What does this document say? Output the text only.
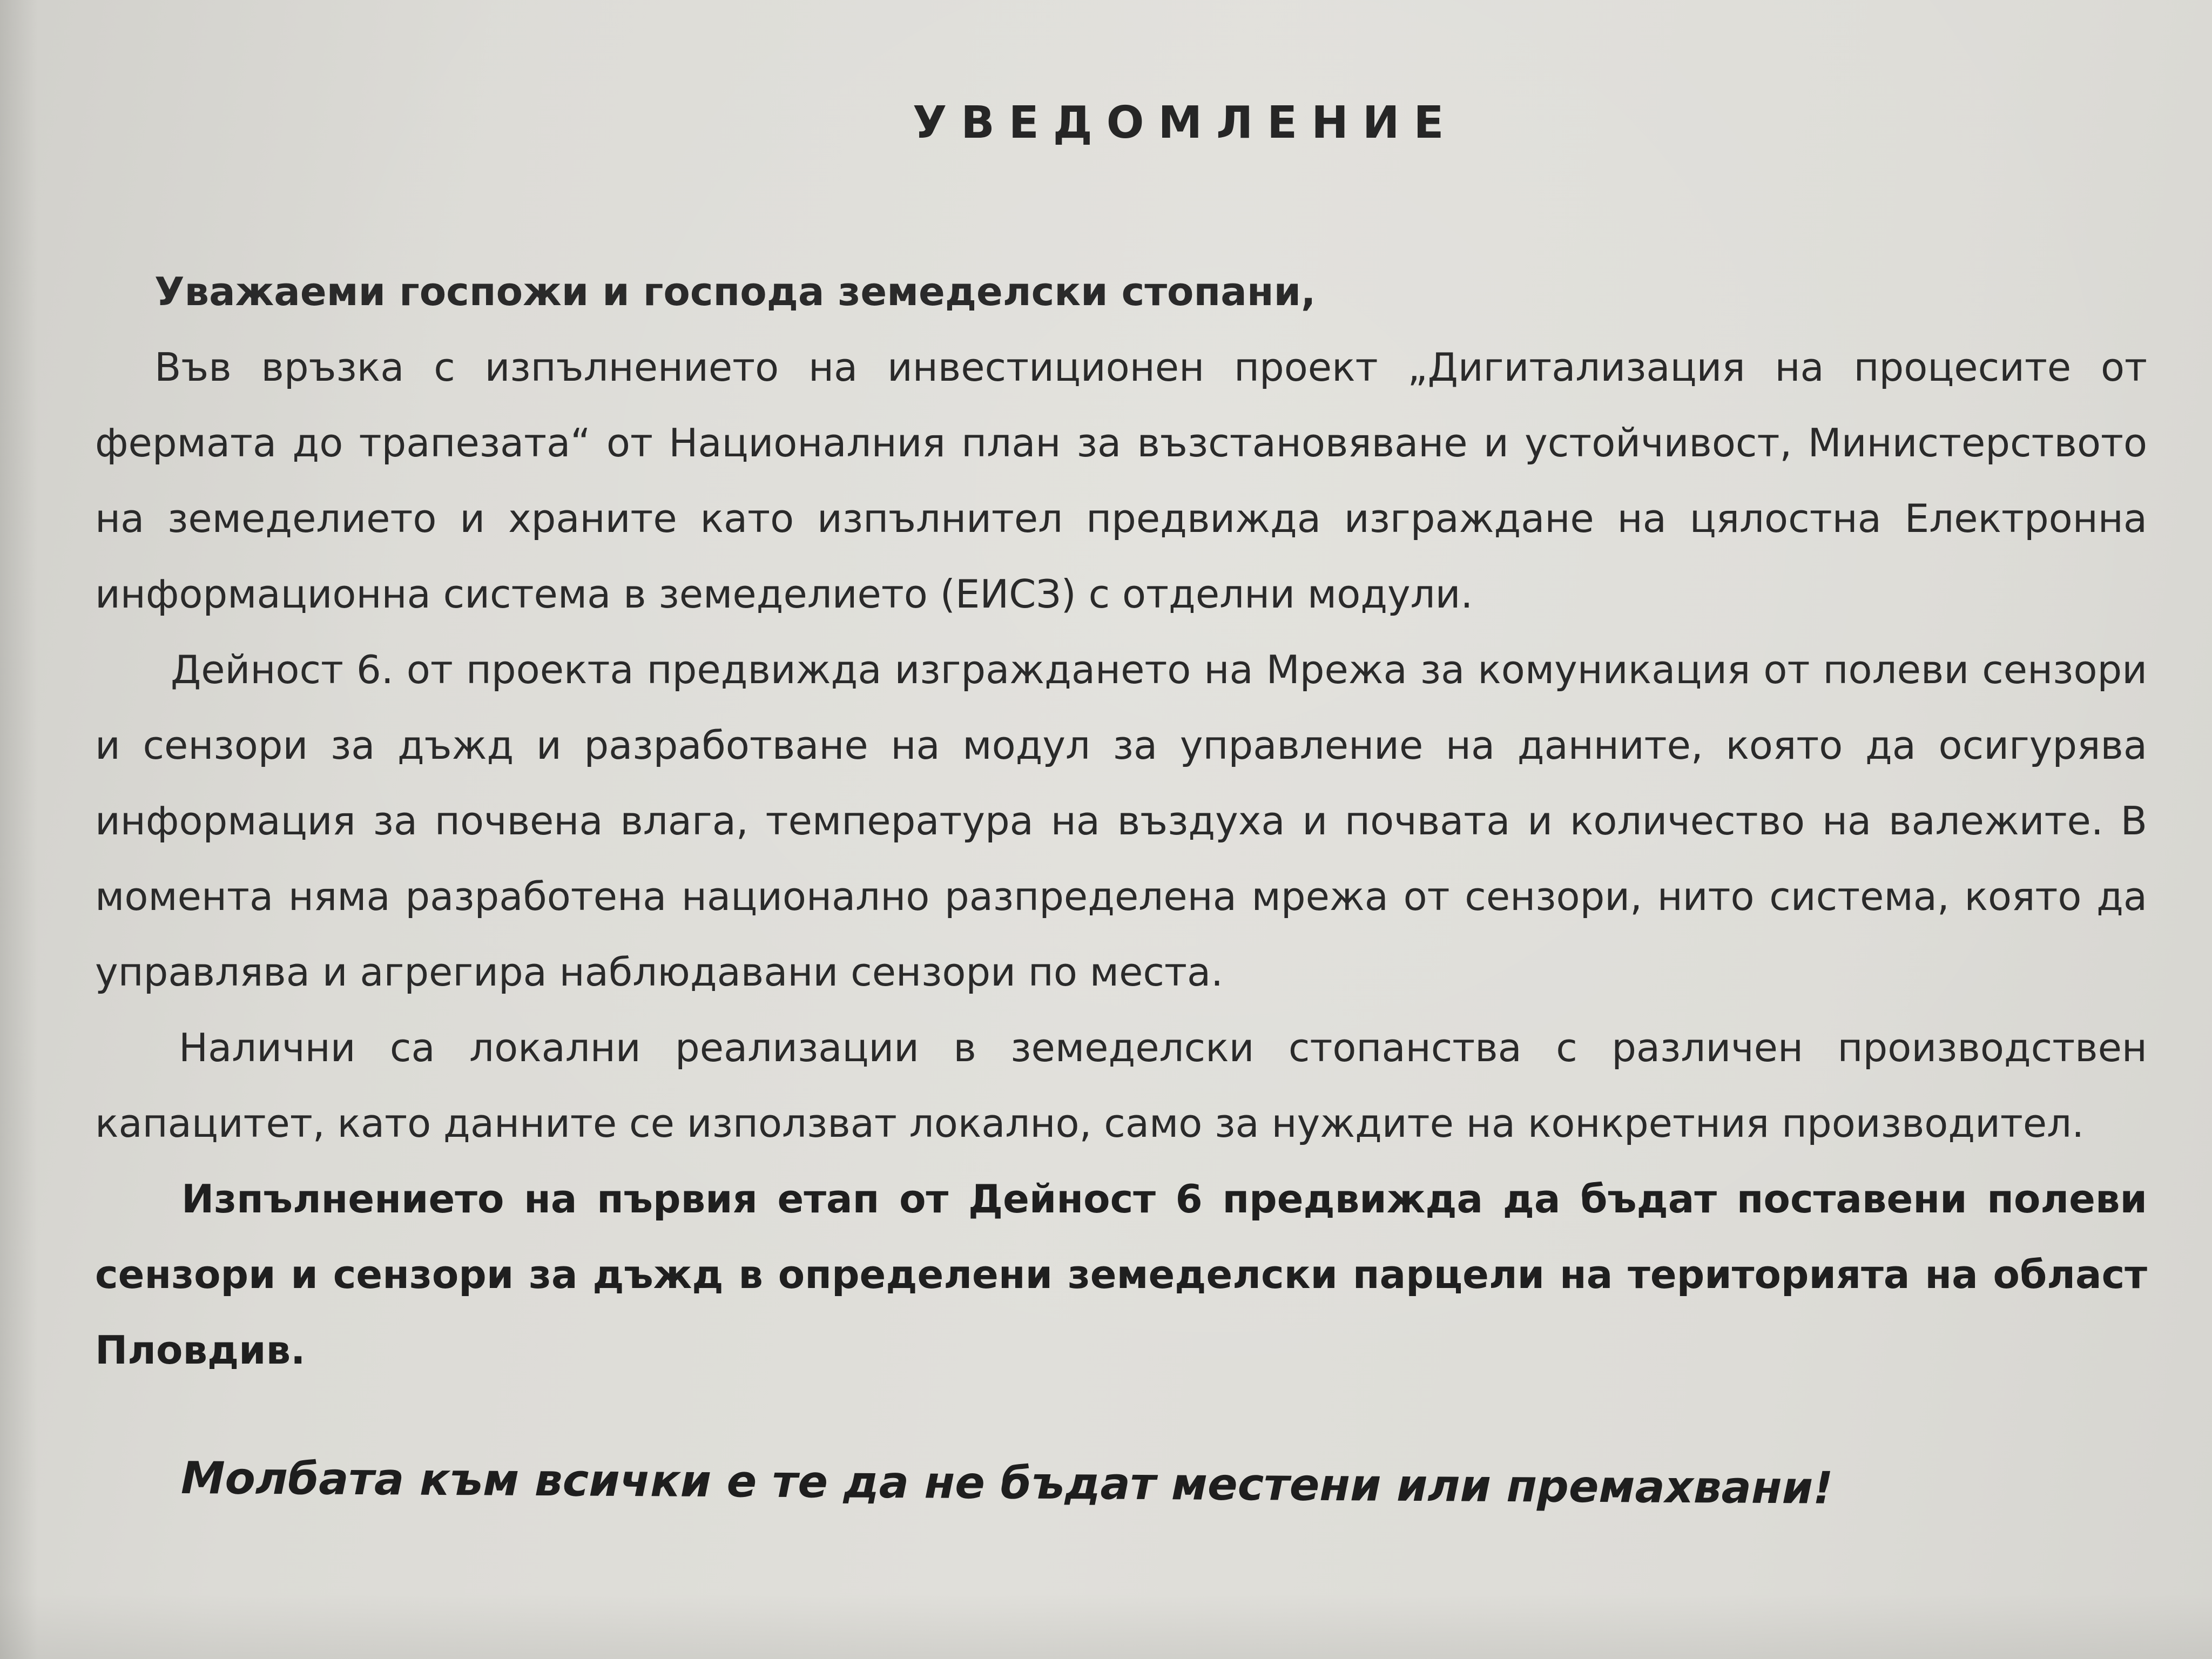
УВЕДОМЛЕНИЕ

Уважаеми госпожи и господа земеделски стопани,

Във връзка с изпълнението на инвестиционен проект „Дигитализация на процесите от фермата до трапезата“ от Националния план за възстановяване и устойчивост, Министерството на земеделието и храните като изпълнител предвижда изграждане на цялостна Електронна информационна система в земеделието (ЕИСЗ) с отделни модули.

Дейност 6. от проекта предвижда изграждането на Мрежа за комуникация от полеви сензори и сензори за дъжд и разработване на модул за управление на данните, която да осигурява информация за почвена влага, температура на въздуха и почвата и количество на валежите. В момента няма разработена национално разпределена мрежа от сензори, нито система, която да управлява и агрегира наблюдавани сензори по места.

Налични са локални реализации в земеделски стопанства с различен производствен капацитет, като данните се използват локално, само за нуждите на конкретния производител.

Изпълнението на първия етап от Дейност 6 предвижда да бъдат поставени полеви сензори и сензори за дъжд в определени земеделски парцели на територията на област Пловдив.

Молбата към всички е те да не бъдат местени или премахвани!
